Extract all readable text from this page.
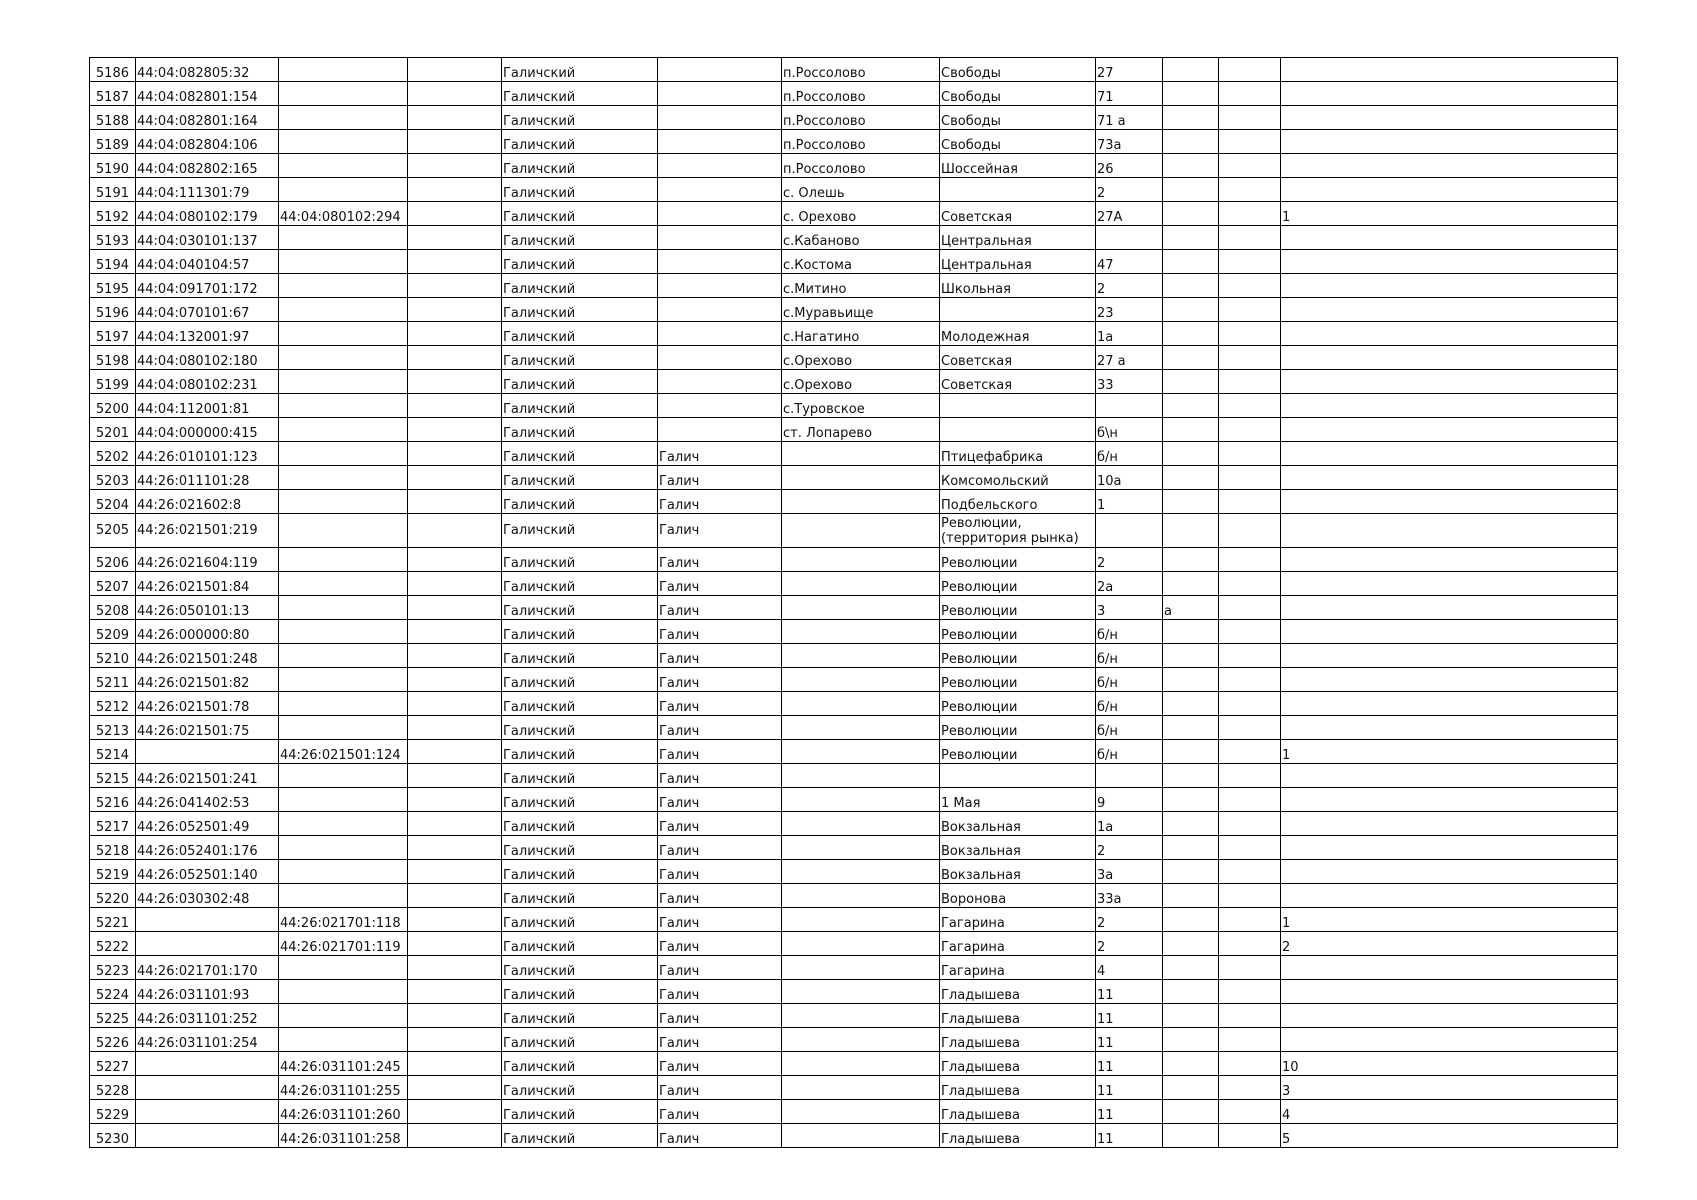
5186	44:04:082805:32			Галичский		п.Россолово	Свободы	27			
5187	44:04:082801:154			Галичский		п.Россолово	Свободы	71			
5188	44:04:082801:164			Галичский		п.Россолово	Свободы	71 а			
5189	44:04:082804:106			Галичский		п.Россолово	Свободы	73а			
5190	44:04:082802:165			Галичский		п.Россолово	Шоссейная	26			
5191	44:04:111301:79			Галичский		с. Олешь		2			
5192	44:04:080102:179	44:04:080102:294		Галичский		с. Орехово	Советская	27А			1
5193	44:04:030101:137			Галичский		с.Кабаново	Центральная				
5194	44:04:040104:57			Галичский		с.Костома	Центральная	47			
5195	44:04:091701:172			Галичский		с.Митино	Школьная	2			
5196	44:04:070101:67			Галичский		с.Муравьище		23			
5197	44:04:132001:97			Галичский		с.Нагатино	Молодежная	1а			
5198	44:04:080102:180			Галичский		с.Орехово	Советская	27 а			
5199	44:04:080102:231			Галичский		с.Орехово	Советская	33			
5200	44:04:112001:81			Галичский		с.Туровское					
5201	44:04:000000:415			Галичский		ст. Лопарево		б\н			
5202	44:26:010101:123			Галичский	Галич		Птицефабрика	б/н			
5203	44:26:011101:28			Галичский	Галич		Комсомольский	10а			
5204	44:26:021602:8			Галичский	Галич		Подбельского	1			
5205	44:26:021501:219			Галичский	Галич		Революции, (территория рынка)				
5206	44:26:021604:119			Галичский	Галич		Революции	2			
5207	44:26:021501:84			Галичский	Галич		Революции	2а			
5208	44:26:050101:13			Галичский	Галич		Революции	3	а		
5209	44:26:000000:80			Галичский	Галич		Революции	б/н			
5210	44:26:021501:248			Галичский	Галич		Революции	б/н			
5211	44:26:021501:82			Галичский	Галич		Революции	б/н			
5212	44:26:021501:78			Галичский	Галич		Революции	б/н			
5213	44:26:021501:75			Галичский	Галич		Революции	б/н			
5214		44:26:021501:124		Галичский	Галич		Революции	б/н			1
5215	44:26:021501:241			Галичский	Галич						
5216	44:26:041402:53			Галичский	Галич		1 Мая	9			
5217	44:26:052501:49			Галичский	Галич		Вокзальная	1а			
5218	44:26:052401:176			Галичский	Галич		Вокзальная	2			
5219	44:26:052501:140			Галичский	Галич		Вокзальная	3а			
5220	44:26:030302:48			Галичский	Галич		Воронова	33а			
5221		44:26:021701:118		Галичский	Галич		Гагарина	2			1
5222		44:26:021701:119		Галичский	Галич		Гагарина	2			2
5223	44:26:021701:170			Галичский	Галич		Гагарина	4			
5224	44:26:031101:93			Галичский	Галич		Гладышева	11			
5225	44:26:031101:252			Галичский	Галич		Гладышева	11			
5226	44:26:031101:254			Галичский	Галич		Гладышева	11			
5227		44:26:031101:245		Галичский	Галич		Гладышева	11			10
5228		44:26:031101:255		Галичский	Галич		Гладышева	11			3
5229		44:26:031101:260		Галичский	Галич		Гладышева	11			4
5230		44:26:031101:258		Галичский	Галич		Гладышева	11			5
